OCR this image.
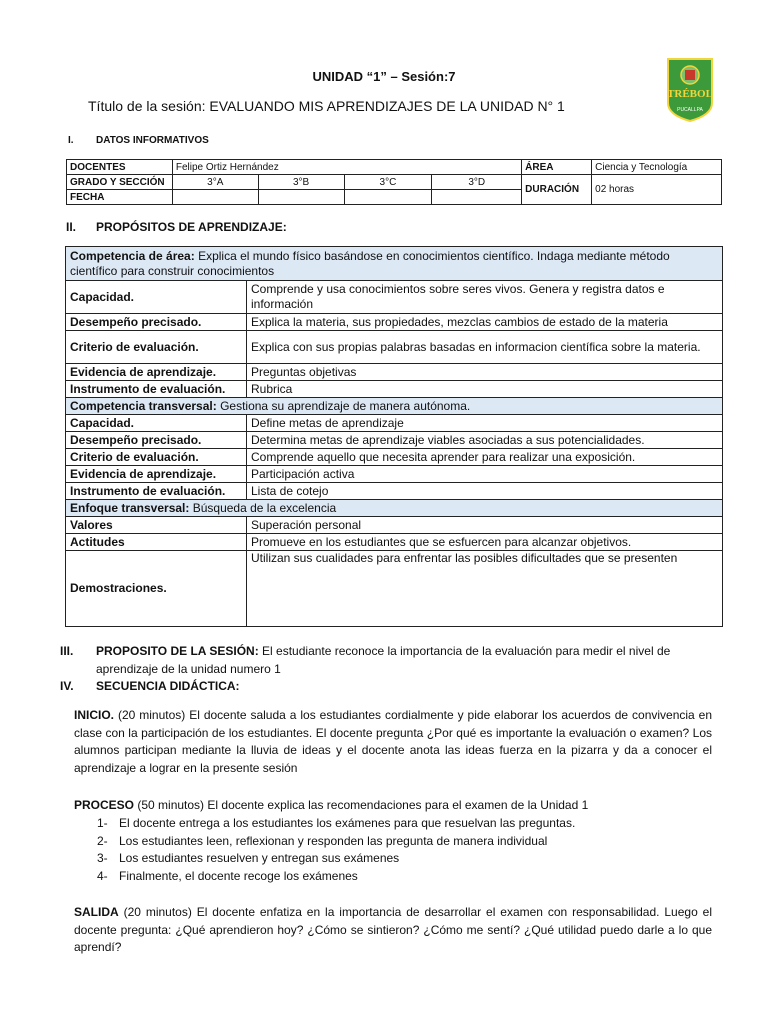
UNIDAD “1” – Sesión:7
Título de la sesión: EVALUANDO MIS APRENDIZAJES DE LA UNIDAD N° 1
TRÉBOL
PUCALLPA
I. DATOS INFORMATIVOS
DOCENTES	Felipe Ortiz Hernández				ÁREA	Ciencia y Tecnología
GRADO Y SECCIÓN	3°A	3°B	3°C	3°D	DURACIÓN	02 horas
FECHA						
II. PROPÓSITOS DE APRENDIZAJE:
Competencia de área: Explica el mundo físico basándose en conocimientos científico. Indaga mediante método científico para construir conocimientos	
Capacidad.	Comprende y usa conocimientos sobre seres vivos. Genera y registra datos e información
Desempeño precisado.	Explica la materia, sus propiedades, mezclas cambios de estado de la materia
Criterio de evaluación.	Explica con sus propias palabras basadas en informacion científica sobre la materia.
Evidencia de aprendizaje.	Preguntas objetivas
Instrumento de evaluación.	Rubrica
Competencia transversal: Gestiona su aprendizaje de manera autónoma.	
Capacidad.	Define metas de aprendizaje
Desempeño precisado.	Determina metas de aprendizaje viables asociadas a sus potencialidades.
Criterio de evaluación.	Comprende aquello que necesita aprender para realizar una exposición.
Evidencia de aprendizaje.	Participación activa
Instrumento de evaluación.	Lista de cotejo
Enfoque transversal: Búsqueda de la excelencia	
Valores	Superación personal
Actitudes	Promueve en los estudiantes que se esfuercen para alcanzar objetivos.
Demostraciones.	Utilizan sus cualidades para enfrentar las posibles dificultades que se presenten
III. PROPOSITO DE LA SESIÓN: El estudiante reconoce la importancia de la evaluación para medir el nivel de
aprendizaje de la unidad numero 1
IV. SECUENCIA DIDÁCTICA:
INICIO. (20 minutos) El docente saluda a los estudiantes cordialmente y pide elaborar los acuerdos de convivencia en clase con la participación de los estudiantes. El docente pregunta ¿Por qué es importante la evaluación o examen? Los alumnos participan mediante la lluvia de ideas y el docente anota las ideas fuerza en la pizarra y da a conocer el aprendizaje a lograr en la presente sesión
PROCESO (50 minutos) El docente explica las recomendaciones para el examen de la Unidad 1
1- El docente entrega a los estudiantes los exámenes para que resuelvan las preguntas.
2- Los estudiantes leen, reflexionan y responden las pregunta de manera individual
3- Los estudiantes resuelven y entregan sus exámenes
4- Finalmente, el docente recoge los exámenes
SALIDA (20 minutos) El docente enfatiza en la importancia de desarrollar el examen con responsabilidad. Luego el docente pregunta: ¿Qué aprendieron hoy? ¿Cómo se sintieron? ¿Cómo me sentí? ¿Qué utilidad puedo darle a lo que aprendí?
